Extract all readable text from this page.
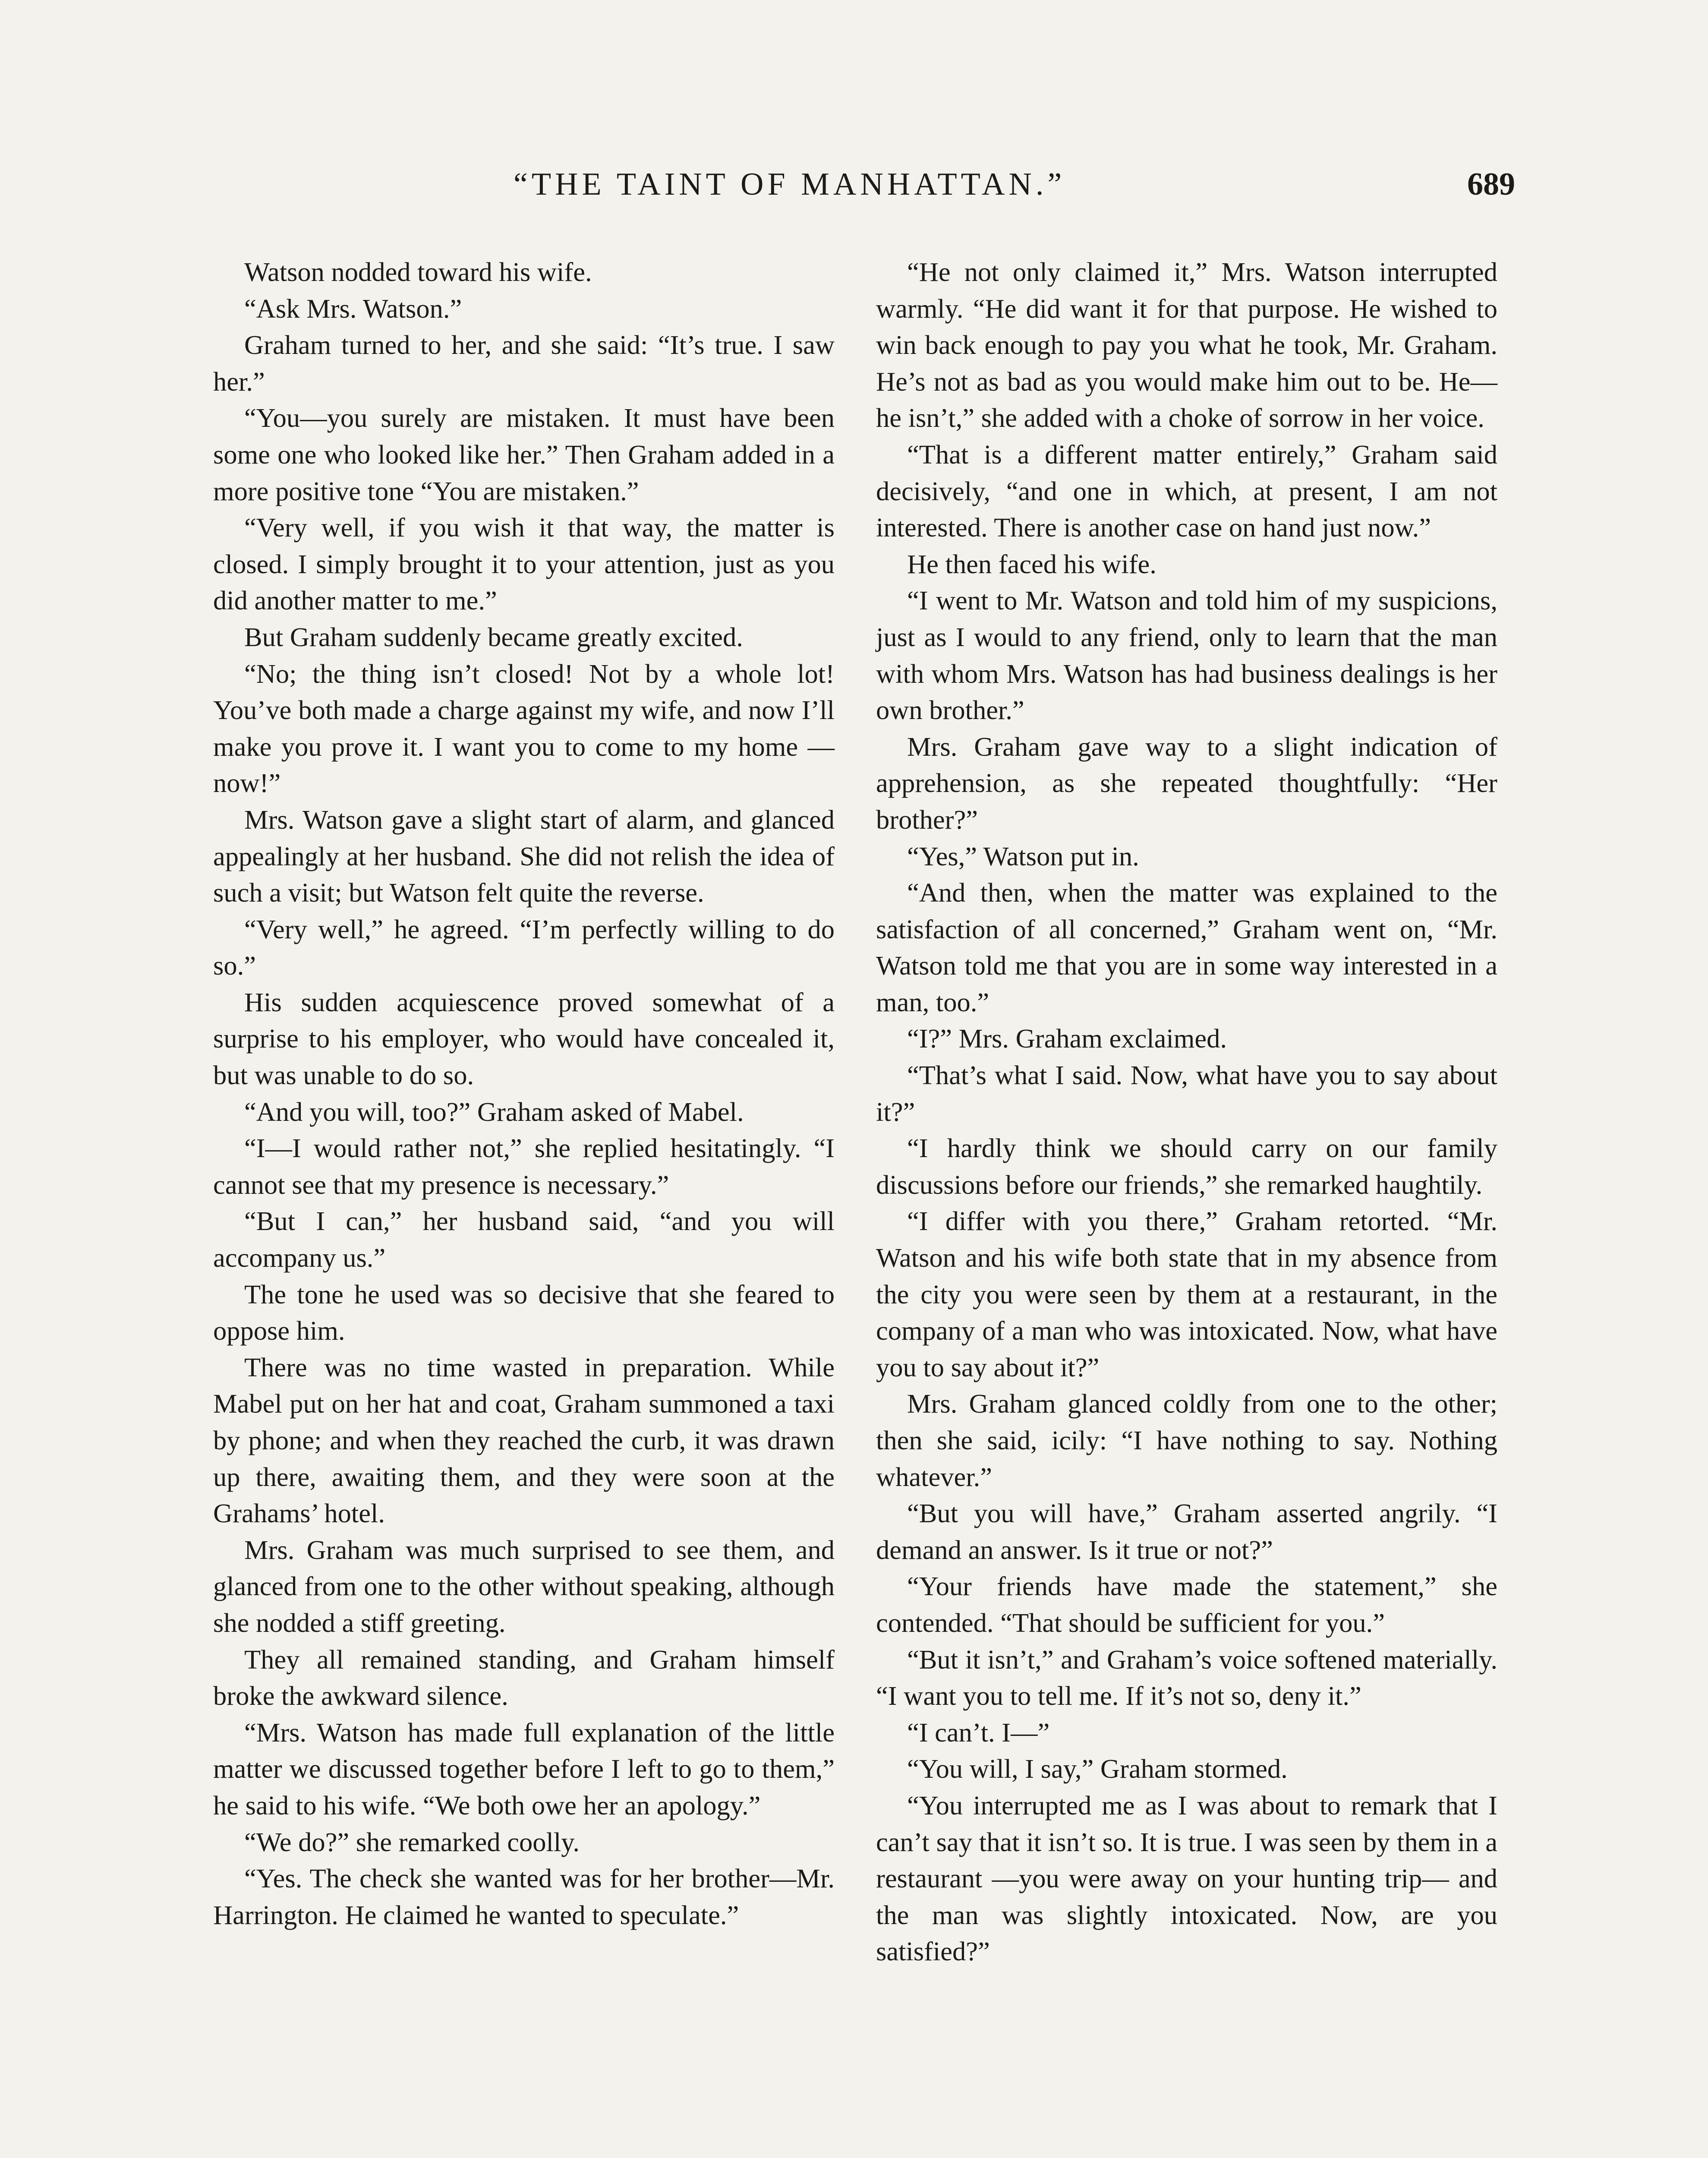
“THE TAINT OF MANHATTAN.”	689

Watson nodded toward his wife.

“Ask Mrs. Watson.”

Graham turned to her, and she said: “It’s true. I saw her.”

“You—you surely are mistaken. It must have been some one who looked like her.” Then Graham added in a more positive tone “You are mistaken.”

“Very well, if you wish it that way, the matter is closed. I simply brought it to your attention, just as you did another matter to me.”

But Graham suddenly became greatly excited.

“No; the thing isn’t closed! Not by a whole lot! You’ve both made a charge against my wife, and now I’ll make you prove it. I want you to come to my home —now!”

Mrs. Watson gave a slight start of alarm, and glanced appealingly at her husband. She did not relish the idea of such a visit; but Watson felt quite the reverse.

“Very well,” he agreed. “I’m perfectly willing to do so.”

His sudden acquiescence proved somewhat of a surprise to his employer, who would have concealed it, but was unable to do so.

“And you will, too?” Graham asked of Mabel.

“I—I would rather not,” she replied hesitatingly. “I cannot see that my presence is necessary.”

“But I can,” her husband said, “and you will accompany us.”

The tone he used was so decisive that she feared to oppose him.

There was no time wasted in preparation. While Mabel put on her hat and coat, Graham summoned a taxi by phone; and when they reached the curb, it was drawn up there, awaiting them, and they were soon at the Grahams’ hotel.

Mrs. Graham was much surprised to see them, and glanced from one to the other without speaking, although she nodded a stiff greeting.

They all remained standing, and Graham himself broke the awkward silence.

“Mrs. Watson has made full explanation of the little matter we discussed together before I left to go to them,” he said to his wife. “We both owe her an apology.”

“We do?” she remarked coolly.

“Yes. The check she wanted was for her brother—Mr. Harrington. He claimed he wanted to speculate.”

“He not only claimed it,” Mrs. Watson interrupted warmly. “He did want it for that purpose. He wished to win back enough to pay you what he took, Mr. Graham. He’s not as bad as you would make him out to be. He—he isn’t,” she added with a choke of sorrow in her voice.

“That is a different matter entirely,” Graham said decisively, “and one in which, at present, I am not interested. There is another case on hand just now.”

He then faced his wife.

“I went to Mr. Watson and told him of my suspicions, just as I would to any friend, only to learn that the man with whom Mrs. Watson has had business dealings is her own brother.”

Mrs. Graham gave way to a slight indication of apprehension, as she repeated thoughtfully: “Her brother?”

“Yes,” Watson put in.

“And then, when the matter was explained to the satisfaction of all concerned,” Graham went on, “Mr. Watson told me that you are in some way interested in a man, too.”

“I?” Mrs. Graham exclaimed.

“That’s what I said. Now, what have you to say about it?”

“I hardly think we should carry on our family discussions before our friends,” she remarked haughtily.

“I differ with you there,” Graham retorted. “Mr. Watson and his wife both state that in my absence from the city you were seen by them at a restaurant, in the company of a man who was intoxicated. Now, what have you to say about it?”

Mrs. Graham glanced coldly from one to the other; then she said, icily: “I have nothing to say. Nothing whatever.”

“But you will have,” Graham asserted angrily. “I demand an answer. Is it true or not?”

“Your friends have made the statement,” she contended. “That should be sufficient for you.”

“But it isn’t,” and Graham’s voice softened materially. “I want you to tell me. If it’s not so, deny it.”

“I can’t. I—”

“You will, I say,” Graham stormed.

“You interrupted me as I was about to remark that I can’t say that it isn’t so. It is true. I was seen by them in a restaurant —you were away on your hunting trip— and the man was slightly intoxicated. Now, are you satisfied?”
